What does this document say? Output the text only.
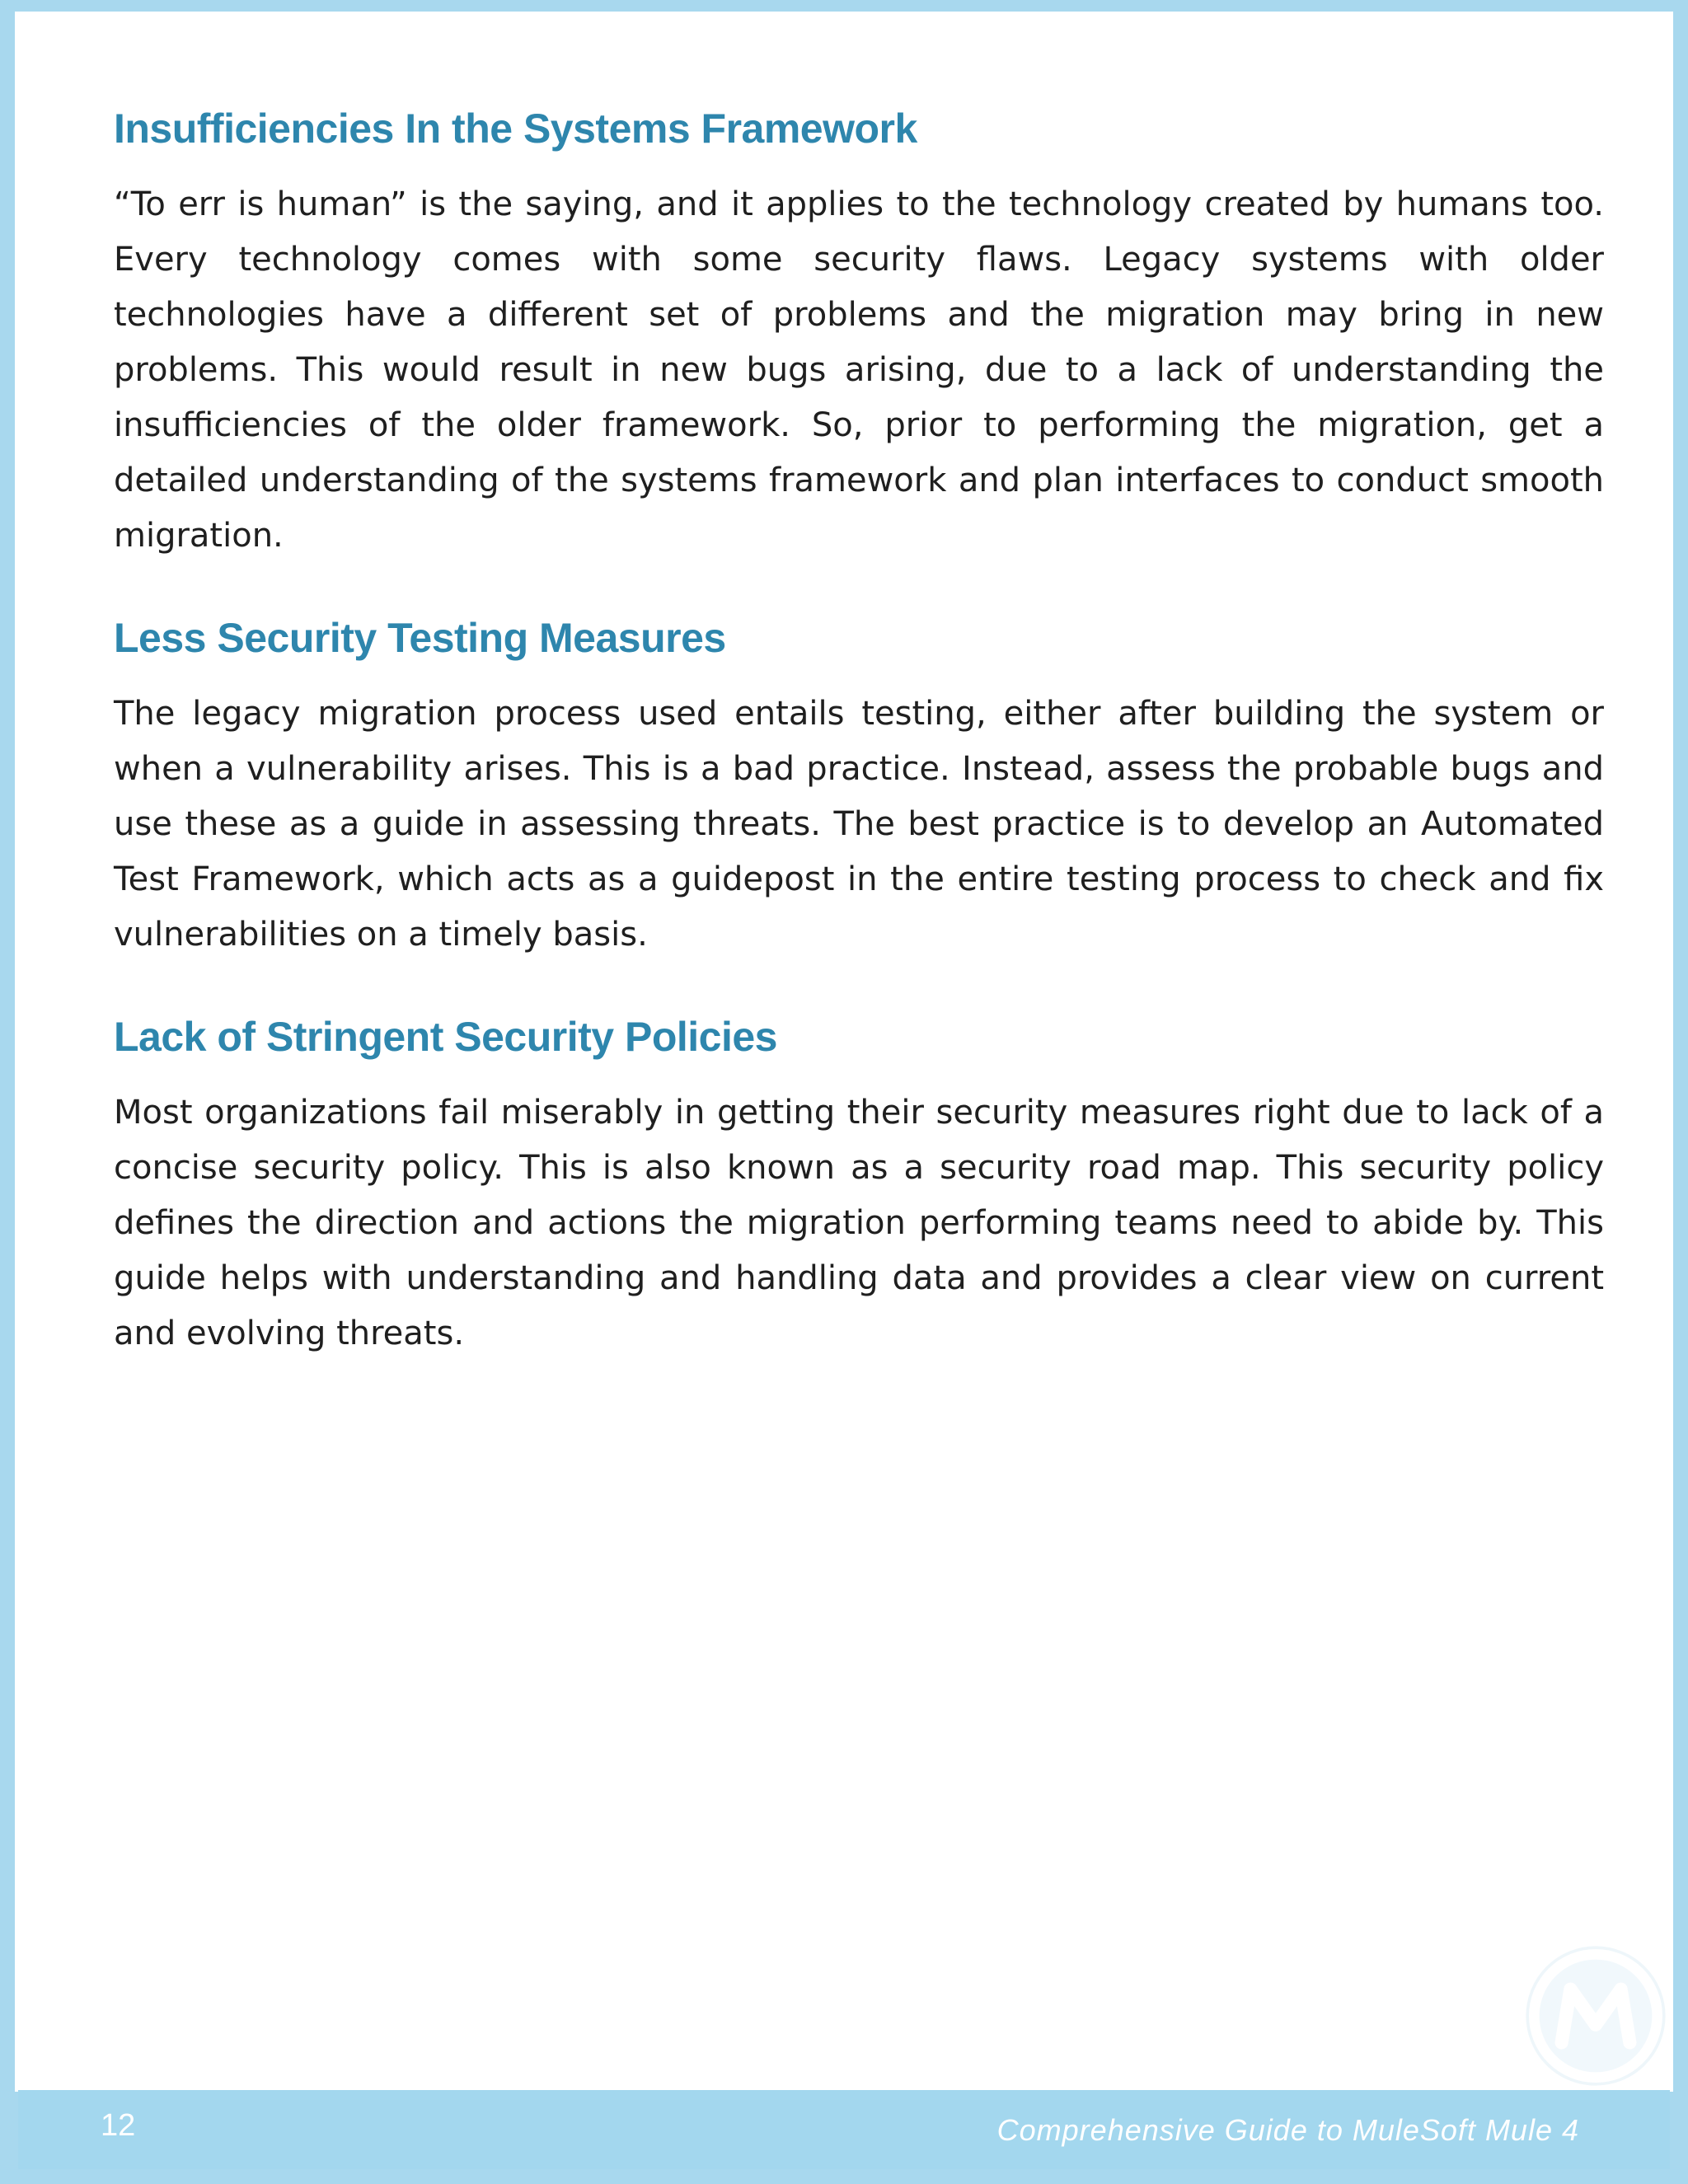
Insufficiencies In the Systems Framework

“To err is human” is the saying, and it applies to the technology created by humans too. Every technology comes with some security flaws. Legacy systems with older technologies have a different set of problems and the migration may bring in new problems. This would result in new bugs arising, due to a lack of understanding the insufficiencies of the older framework. So, prior to performing the migration, get a detailed understanding of the systems framework and plan interfaces to conduct smooth migration.

Less Security Testing Measures

The legacy migration process used entails testing, either after building the system or when a vulnerability arises. This is a bad practice. Instead, assess the probable bugs and use these as a guide in assessing threats. The best practice is to develop an Automated Test Framework, which acts as a guidepost in the entire testing process to check and fix vulnerabilities on a timely basis.

Lack of Stringent Security Policies

Most organizations fail miserably in getting their security measures right due to lack of a concise security policy. This is also known as a security road map. This security policy defines the direction and actions the migration performing teams need to abide by. This guide helps with understanding and handling data and provides a clear view on current and evolving threats.

12	Comprehensive Guide to MuleSoft Mule 4
